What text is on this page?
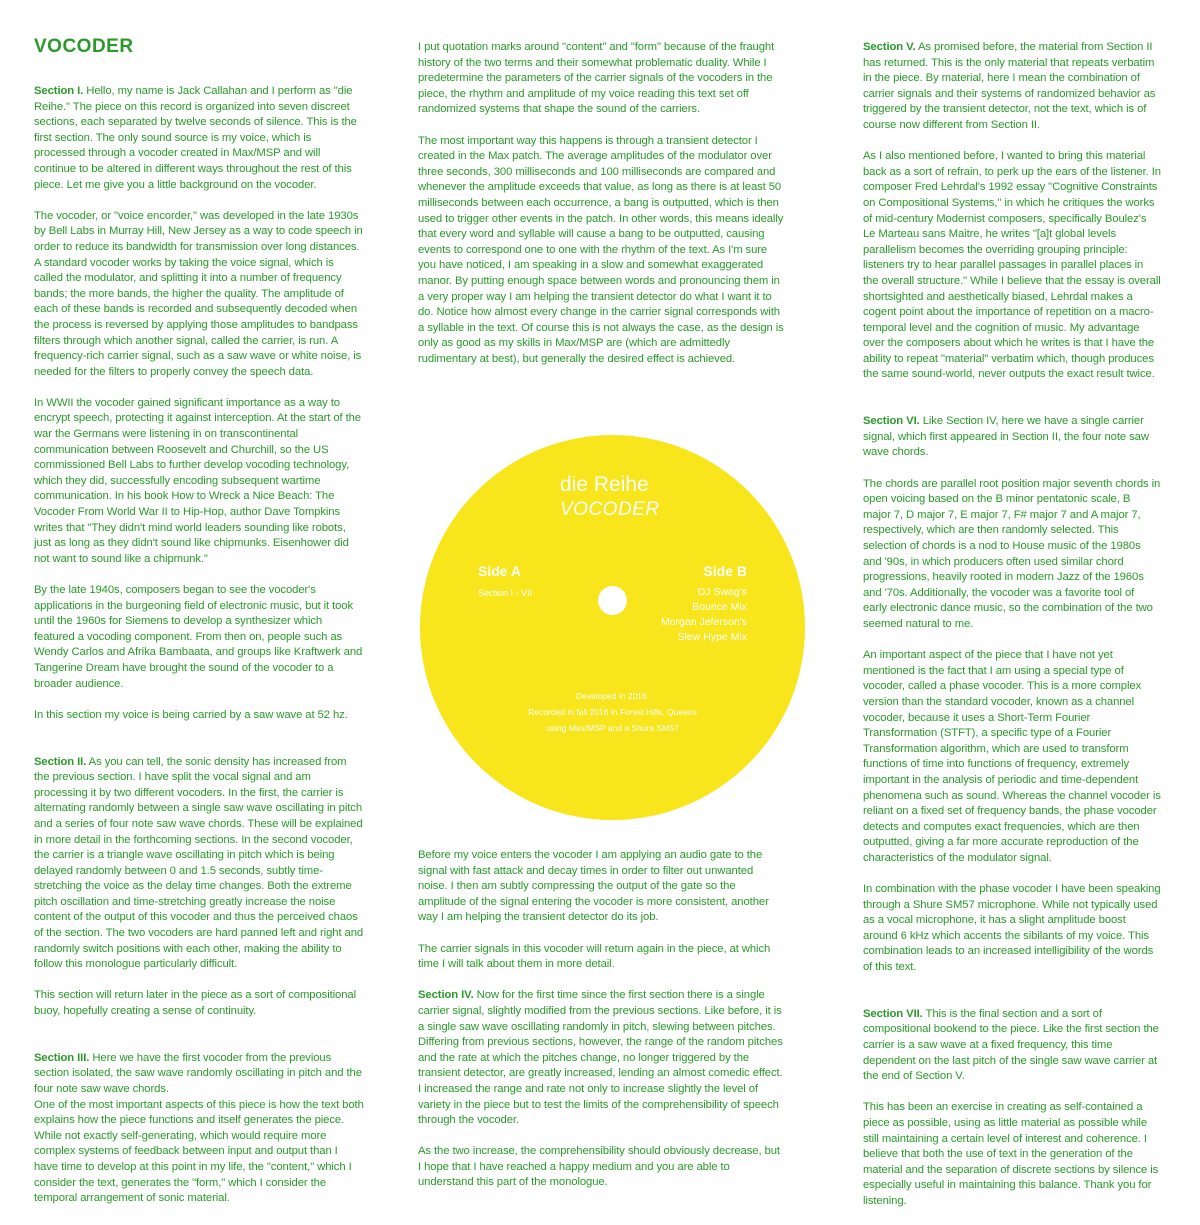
VOCODER

Section I. Hello, my name is Jack Callahan and I perform as "die Reihe." The piece on this record is organized into seven discreet sections, each separated by twelve seconds of silence. This is the first section. The only sound source is my voice, which is processed through a vocoder created in Max/MSP and will continue to be altered in different ways throughout the rest of this piece. Let me give you a little background on the vocoder.

The vocoder, or "voice encorder," was developed in the late 1930s by Bell Labs in Murray Hill, New Jersey as a way to code speech in order to reduce its bandwidth for transmission over long distances. A standard vocoder works by taking the voice signal, which is called the modulator, and splitting it into a number of frequency bands; the more bands, the higher the quality. The amplitude of each of these bands is recorded and subsequently decoded when the process is reversed by applying those amplitudes to bandpass filters through which another signal, called the carrier, is run. A frequency-rich carrier signal, such as a saw wave or white noise, is needed for the filters to properly convey the speech data.

In WWII the vocoder gained significant importance as a way to encrypt speech, protecting it against interception. At the start of the war the Germans were listening in on transcontinental communication between Roosevelt and Churchill, so the US commissioned Bell Labs to further develop vocoding technology, which they did, successfully encoding subsequent wartime communication. In his book How to Wreck a Nice Beach: The Vocoder From World War II to Hip-Hop, author Dave Tompkins writes that "They didn't mind world leaders sounding like robots, just as long as they didn't sound like chipmunks. Eisenhower did not want to sound like a chipmunk."

By the late 1940s, composers began to see the vocoder's applications in the burgeoning field of electronic music, but it took until the 1960s for Siemens to develop a synthesizer which featured a vocoding component. From then on, people such as Wendy Carlos and Afrika Bambaata, and groups like Kraftwerk and Tangerine Dream have brought the sound of the vocoder to a broader audience.

In this section my voice is being carried by a saw wave at 52 hz.

Section II. As you can tell, the sonic density has increased from the previous section. I have split the vocal signal and am processing it by two different vocoders. In the first, the carrier is alternating randomly between a single saw wave oscillating in pitch and a series of four note saw wave chords. These will be explained in more detail in the forthcoming sections. In the second vocoder, the carrier is a triangle wave oscillating in pitch which is being delayed randomly between 0 and 1.5 seconds, subtly time-stretching the voice as the delay time changes. Both the extreme pitch oscillation and time-stretching greatly increase the noise content of the output of this vocoder and thus the perceived chaos of the section. The two vocoders are hard panned left and right and randomly switch positions with each other, making the ability to follow this monologue particularly difficult.

This section will return later in the piece as a sort of compositional buoy, hopefully creating a sense of continuity.

Section III. Here we have the first vocoder from the previous section isolated, the saw wave randomly oscillating in pitch and the four note saw wave chords.

One of the most important aspects of this piece is how the text both explains how the piece functions and itself generates the piece. While not exactly self-generating, which would require more complex systems of feedback between input and output than I have time to develop at this point in my life, the "content," which I consider the text, generates the "form," which I consider the temporal arrangement of sonic material.

I put quotation marks around "content" and "form" because of the fraught history of the two terms and their somewhat problematic duality. While I predetermine the parameters of the carrier signals of the vocoders in the piece, the rhythm and amplitude of my voice reading this text set off randomized systems that shape the sound of the carriers.

The most important way this happens is through a transient detector I created in the Max patch. The average amplitudes of the modulator over three seconds, 300 milliseconds and 100 milliseconds are compared and whenever the amplitude exceeds that value, as long as there is at least 50 milliseconds between each occurrence, a bang is outputted, which is then used to trigger other events in the patch. In other words, this means ideally that every word and syllable will cause a bang to be outputted, causing events to correspond one to one with the rhythm of the text. As I'm sure you have noticed, I am speaking in a slow and somewhat exaggerated manor. By putting enough space between words and pronouncing them in a very proper way I am helping the transient detector do what I want it to do. Notice how almost every change in the carrier signal corresponds with a syllable in the text. Of course this is not always the case, as the design is only as good as my skills in Max/MSP are (which are admittedly rudimentary at best), but generally the desired effect is achieved.

die Reihe
VOCODER
Side A
Section I - VII
Side B
DJ Swag's
Bounce Mix
Morgan Jeferson's
Slew Hype Mix
Developed in 2016.
Recorded in fall 2016 in Forest Hills, Queens
using Max/MSP and a Shure SM57

Before my voice enters the vocoder I am applying an audio gate to the signal with fast attack and decay times in order to filter out unwanted noise. I then am subtly compressing the output of the gate so the amplitude of the signal entering the vocoder is more consistent, another way I am helping the transient detector do its job.

The carrier signals in this vocoder will return again in the piece, at which time I will talk about them in more detail.

Section IV. Now for the first time since the first section there is a single carrier signal, slightly modified from the previous sections. Like before, it is a single saw wave oscillating randomly in pitch, slewing between pitches. Differing from previous sections, however, the range of the random pitches and the rate at which the pitches change, no longer triggered by the transient detector, are greatly increased, lending an almost comedic effect. I increased the range and rate not only to increase slightly the level of variety in the piece but to test the limits of the comprehensibility of speech through the vocoder.

As the two increase, the comprehensibility should obviously decrease, but I hope that I have reached a happy medium and you are able to understand this part of the monologue.

Section V. As promised before, the material from Section II has returned. This is the only material that repeats verbatim in the piece. By material, here I mean the combination of carrier signals and their systems of randomized behavior as triggered by the transient detector, not the text, which is of course now different from Section II.

As I also mentioned before, I wanted to bring this material back as a sort of refrain, to perk up the ears of the listener. In composer Fred Lehrdal's 1992 essay "Cognitive Constraints on Compositional Systems," in which he critiques the works of mid-century Modernist composers, specifically Boulez's Le Marteau sans Maitre, he writes "[a]t global levels parallelism becomes the overriding grouping principle: listeners try to hear parallel passages in parallel places in the overall structure." While I believe that the essay is overall shortsighted and aesthetically biased, Lehrdal makes a cogent point about the importance of repetition on a macro-temporal level and the cognition of music. My advantage over the composers about which he writes is that I have the ability to repeat "material" verbatim which, though produces the same sound-world, never outputs the exact result twice.

Section VI. Like Section IV, here we have a single carrier signal, which first appeared in Section II, the four note saw wave chords.

The chords are parallel root position major seventh chords in open voicing based on the B minor pentatonic scale, B major 7, D major 7, E major 7, F# major 7 and A major 7, respectively, which are then randomly selected. This selection of chords is a nod to House music of the 1980s and '90s, in which producers often used similar chord progressions, heavily rooted in modern Jazz of the 1960s and '70s. Additionally, the vocoder was a favorite tool of early electronic dance music, so the combination of the two seemed natural to me.

An important aspect of the piece that I have not yet mentioned is the fact that I am using a special type of vocoder, called a phase vocoder. This is a more complex version than the standard vocoder, known as a channel vocoder, because it uses a Short-Term Fourier Transformation (STFT), a specific type of a Fourier Transformation algorithm, which are used to transform functions of time into functions of frequency, extremely important in the analysis of periodic and time-dependent phenomena such as sound. Whereas the channel vocoder is reliant on a fixed set of frequency bands, the phase vocoder detects and computes exact frequencies, which are then outputted, giving a far more accurate reproduction of the characteristics of the modulator signal.

In combination with the phase vocoder I have been speaking through a Shure SM57 microphone. While not typically used as a vocal microphone, it has a slight amplitude boost around 6 kHz which accents the sibilants of my voice. This combination leads to an increased intelligibility of the words of this text.

Section VII. This is the final section and a sort of compositional bookend to the piece. Like the first section the carrier is a saw wave at a fixed frequency, this time dependent on the last pitch of the single saw wave carrier at the end of Section V.

This has been an exercise in creating as self-contained a piece as possible, using as little material as possible while still maintaining a certain level of interest and coherence. I believe that both the use of text in the generation of the material and the separation of discrete sections by silence is especially useful in maintaining this balance. Thank you for listening.
